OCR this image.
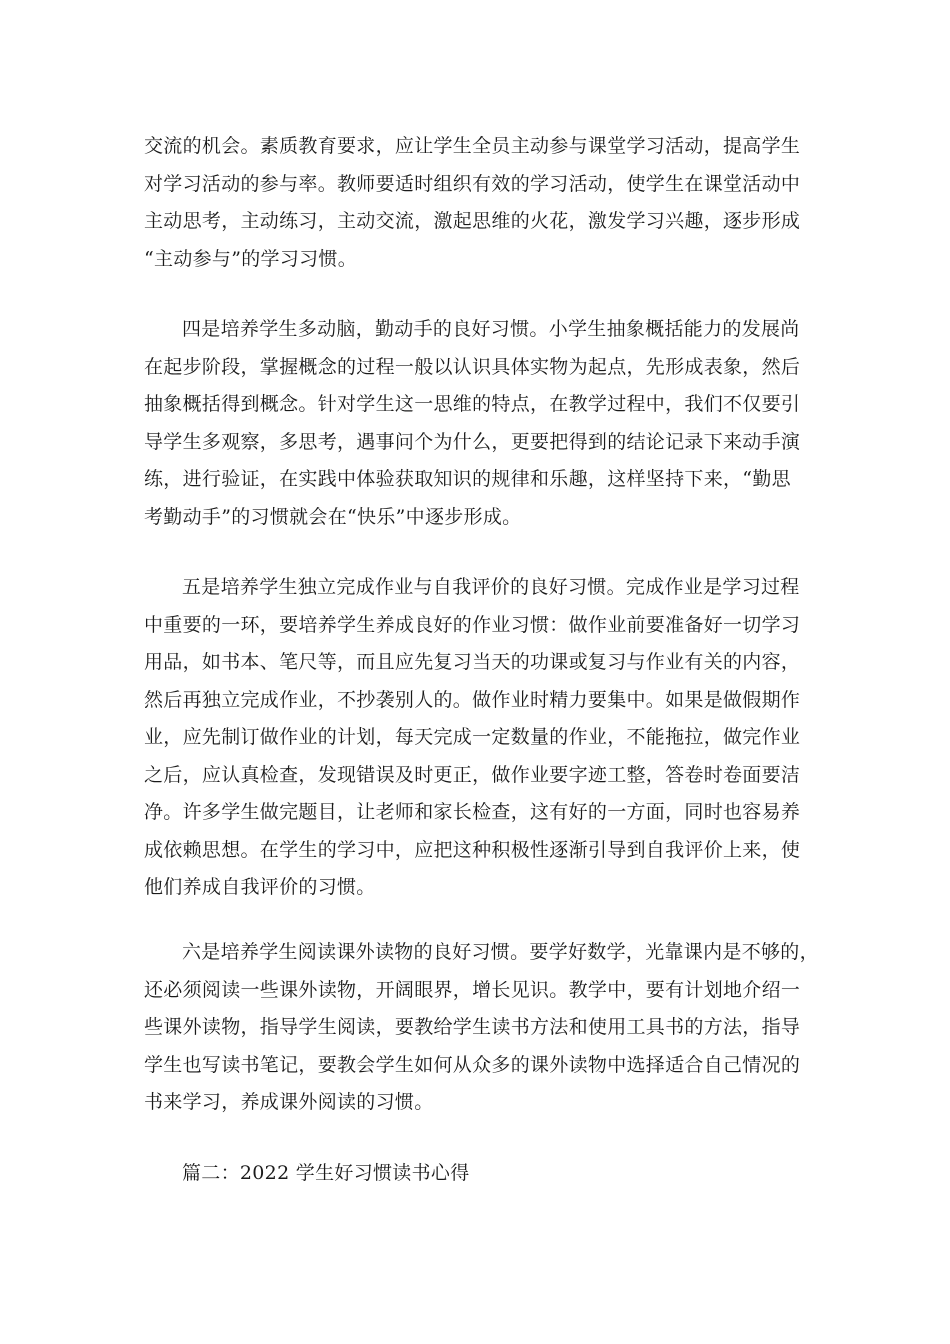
交流的机会。素质教育要求，应让学生全员主动参与课堂学习活动，提高学生
对学习活动的参与率。教师要适时组织有效的学习活动，使学生在课堂活动中
主动思考，主动练习，主动交流，激起思维的火花，激发学习兴趣，逐步形成
“主动参与”的学习习惯。
四是培养学生多动脑，勤动手的良好习惯。小学生抽象概括能力的发展尚
在起步阶段，掌握概念的过程一般以认识具体实物为起点，先形成表象，然后
抽象概括得到概念。针对学生这一思维的特点，在教学过程中，我们不仅要引
导学生多观察，多思考，遇事问个为什么，更要把得到的结论记录下来动手演
练，进行验证，在实践中体验获取知识的规律和乐趣，这样坚持下来，“勤思
考勤动手”的习惯就会在“快乐”中逐步形成。
五是培养学生独立完成作业与自我评价的良好习惯。完成作业是学习过程
中重要的一环，要培养学生养成良好的作业习惯：做作业前要准备好一切学习
用品，如书本、笔尺等，而且应先复习当天的功课或复习与作业有关的内容，
然后再独立完成作业，不抄袭别人的。做作业时精力要集中。如果是做假期作
业，应先制订做作业的计划，每天完成一定数量的作业，不能拖拉，做完作业
之后，应认真检查，发现错误及时更正，做作业要字迹工整，答卷时卷面要洁
净。许多学生做完题目，让老师和家长检查，这有好的一方面，同时也容易养
成依赖思想。在学生的学习中，应把这种积极性逐渐引导到自我评价上来，使
他们养成自我评价的习惯。
六是培养学生阅读课外读物的良好习惯。要学好数学，光靠课内是不够的，
还必须阅读一些课外读物，开阔眼界，增长见识。教学中，要有计划地介绍一
些课外读物，指导学生阅读，要教给学生读书方法和使用工具书的方法，指导
学生也写读书笔记，要教会学生如何从众多的课外读物中选择适合自己情况的
书来学习，养成课外阅读的习惯。
篇二：2022 学生好习惯读书心得
